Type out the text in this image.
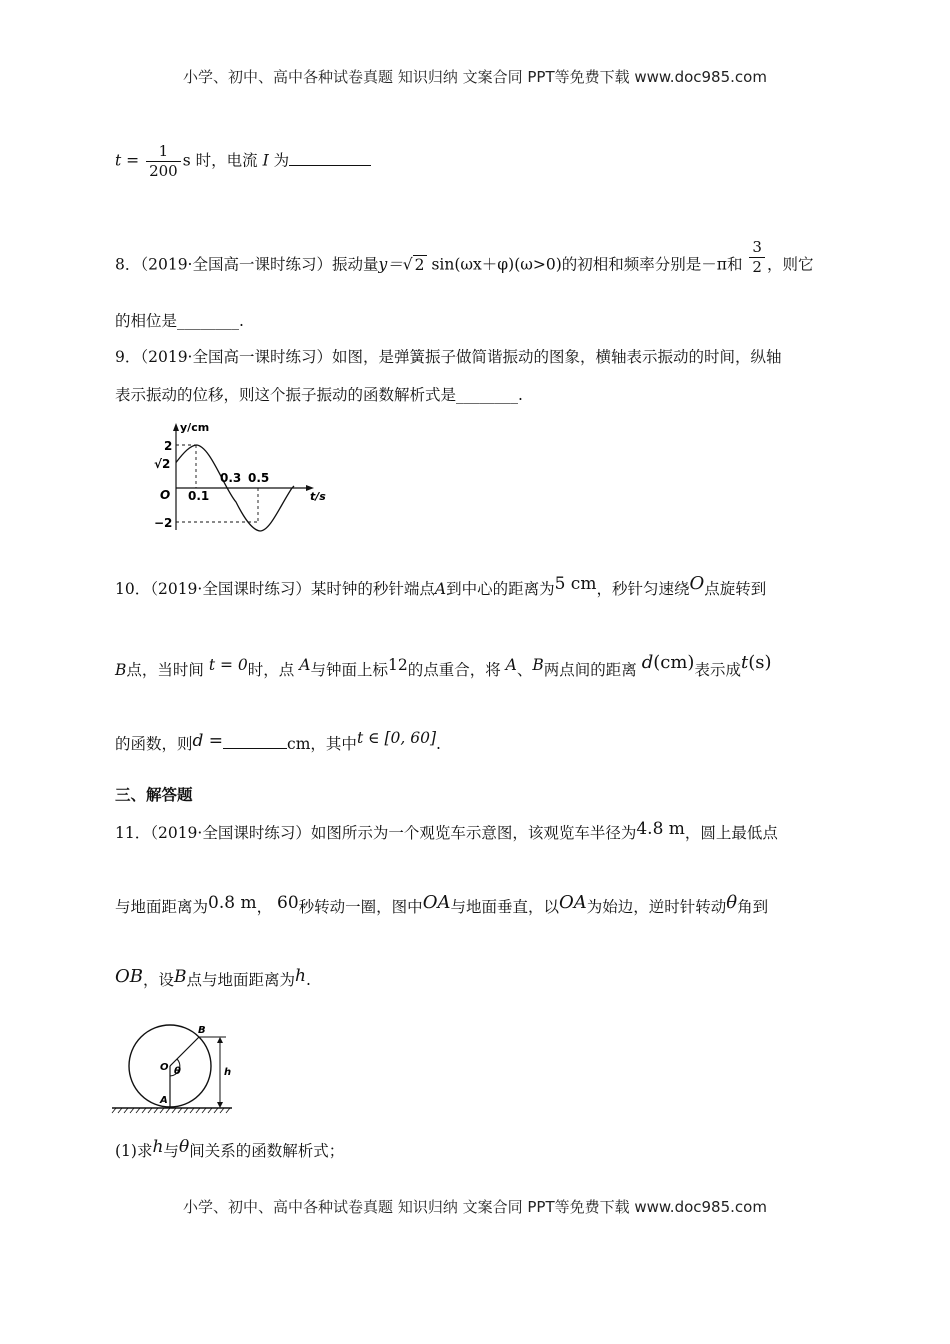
小学、初中、高中各种试卷真题 知识归纳 文案合同 PPT等免费下载 www.doc985.com
$t = \frac{1}{200}$ s 时，电流 I 为
8．（2019·全国高一课时练习）振动量y＝√ 2 sin(ωx＋φ)(ω>0)的初相和频率分别是－π和 $\frac{3}{2}$ ，则它
的相位是________.
9．（2019·全国高一课时练习）如图，是弹簧振子做简谐振动的图象，横轴表示振动的时间，纵轴
表示振动的位移，则这个振子振动的函数解析式是________.
y/cm
2
√2
O 0.1
0.3 0.5
t/s
−2
10．（2019·全国课时练习）某时钟的秒针端点A到中心的距离为5 cm，秒针匀速绕O点旋转到
B点，当时间 t = 0时，点 A与钟面上标12的点重合，将 A、B两点间的距离 d(cm)表示成t(s)
的函数，则d =	cm，其中t ∈ [0, 60].
三、解答题
11．（2019·全国课时练习）如图所示为一个观览车示意图，该观览车半径为4.8 m，圆上最低点
与地面距离为0.8 m， 60秒转动一圈，图中OA与地面垂直，以OA为始边，逆时针转动θ角到
OB，设B点与地面距离为h.
B
O θ	h
A
(1)求h与θ间关系的函数解析式；
小学、初中、高中各种试卷真题 知识归纳 文案合同 PPT等免费下载 www.doc985.com
